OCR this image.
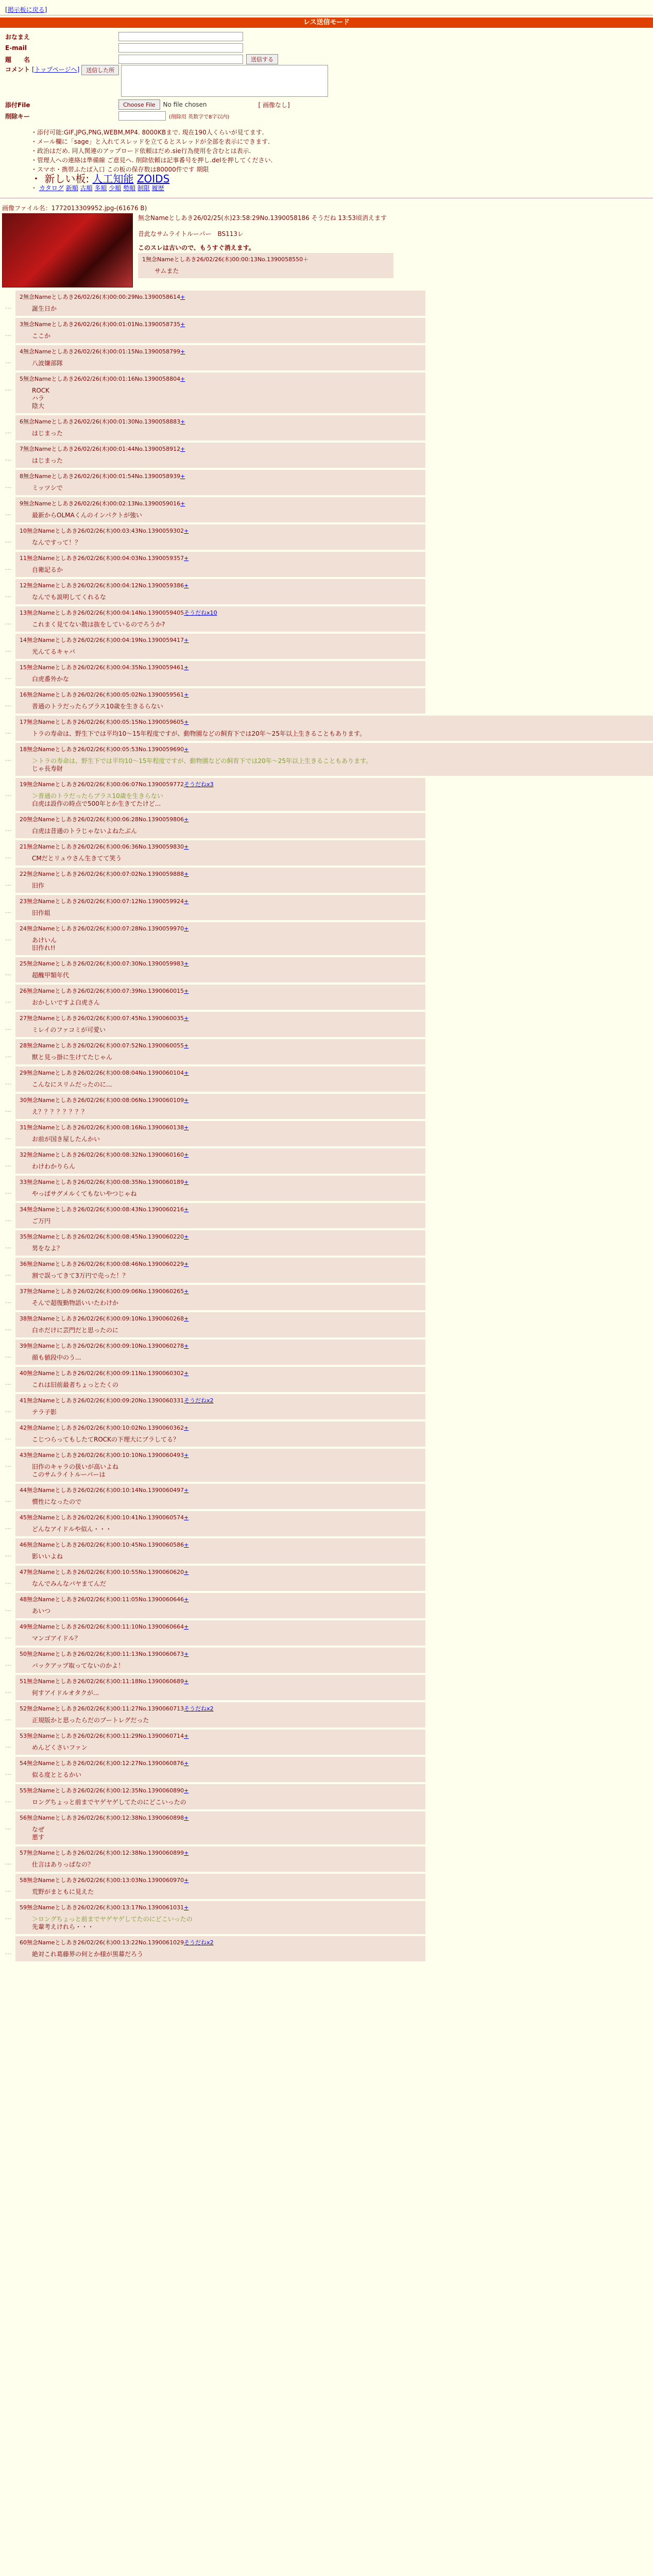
[掲示板に戻る]
レス送信モード
おなまえ
E-mail
題　　名	送信する
コメント [トップページへ]	送信した所
添付File	Choose File	No file chosen	[ 画像なし]
削除キー	(削除用 英数字で8字以内)
・ 添付可能:GIF,JPG,PNG,WEBM,MP4. 8000KBまで. 現在190人くらいが見てます.
・ メール欄に「sage」と入れてスレッドを立てるとスレッドが全部を表示にできます.
・ 政治はだめ. 同人関連のアップロード依頼はだめ.sie行為使用を含むとは表示.
・ 管理人への連絡は準備線 ご意見へ. 削除依頼は記事番号を押し.delを押してください.
・ スマホ・携帯ふたば入口 この板の保存数は80000件です 期限
・ 新しい板: 人工知能 ZOIDS
・ カタログ 新順 古順 多順 少順 勢順 制限 履歴
画像ファイル名：1772013309952.jpg-(61676 B)
無念Nameとしあき26/02/25(水)23:58:29No.1390058186 そうだね 13:53頃消えます
昔此なサムライトルーパー　BS113レ
このスレは古いので、もうすぐ消えます。
1無念Nameとしあき26/02/26(木)00:00:13No.1390058550＋
サムまた
…
2無念Nameとしあき26/02/26(木)00:00:29No.1390058614+
誕生日か
…
3無念Nameとしあき26/02/26(木)00:01:01No.1390058735+
ここか
…
4無念Nameとしあき26/02/26(木)00:01:15No.1390058799+
八波嫌部隊
…
5無念Nameとしあき26/02/26(木)00:01:16No.1390058804+
ROCK
ハラ
陰大
…
6無念Nameとしあき26/02/26(木)00:01:30No.1390058883+
はじまった
…
7無念Nameとしあき26/02/26(木)00:01:44No.1390058912+
はじまった
…
8無念Nameとしあき26/02/26(木)00:01:54No.1390058939+
ミッツシで
…
9無念Nameとしあき26/02/26(木)00:02:13No.1390059016+
最新からOLMAくんのインパクトが強い
…
10無念Nameとしあき26/02/26(木)00:03:43No.1390059302+
なんですって！？
…
11無念Nameとしあき26/02/26(木)00:04:03No.1390059357+
自衛記るか
…
12無念Nameとしあき26/02/26(木)00:04:12No.1390059386+
なんでも説明してくれるな
…
13無念Nameとしあき26/02/26(木)00:04:14No.1390059405そうだねx10
これまく見てない散は抜をしているのでろうか?
…
14無念Nameとしあき26/02/26(木)00:04:19No.1390059417+
光んてるキャバ
…
15無念Nameとしあき26/02/26(木)00:04:35No.1390059461+
白虎番外かな
…
16無念Nameとしあき26/02/26(木)00:05:02No.1390059561+
普通のトラだったらブラス10歳を生きるらない
…
17無念Nameとしあき26/02/26(木)00:05:15No.1390059605+
トラの寿命は、野生下では平均10〜15年程度ですが、動物園などの飼育下では20年〜25年以上生きることもあります。
…
18無念Nameとしあき26/02/26(木)00:05:53No.1390059690+
＞トラの寿命は、野生下では平均10〜15年程度ですが、動物園などの飼育下では20年〜25年以上生きることもあります。
じゃ長寿財
…
19無念Nameとしあき26/02/26(木)00:06:07No.1390059772そうだねx3
＞普通のトラだったらプラス10歳を生きらない
白虎は設作の時点で500年とか生きてたけど...
…
20無念Nameとしあき26/02/26(木)00:06:28No.1390059806+
白虎は昔通のトラじゃないよねたぶん
…
21無念Nameとしあき26/02/26(木)00:06:36No.1390059830+
CMだとリュウさん生きてて笑う
…
22無念Nameとしあき26/02/26(木)00:07:02No.1390059888+
旧作
…
23無念Nameとしあき26/02/26(木)00:07:12No.1390059924+
旧作組
…
24無念Nameとしあき26/02/26(木)00:07:28No.1390059970+
あけいん
旧作れ!!
…
25無念Nameとしあき26/02/26(木)00:07:30No.1390059983+
超醜甲類年代
…
26無念Nameとしあき26/02/26(木)00:07:39No.1390060015+
おかしいですよ白虎さん
…
27無念Nameとしあき26/02/26(木)00:07:45No.1390060035+
ミレイのファコミが可愛い
…
28無念Nameとしあき26/02/26(木)00:07:52No.1390060055+
獣と見っ掛に生けてたじゃん
…
29無念Nameとしあき26/02/26(木)00:08:04No.1390060104+
こんなにスリムだったのに...
…
30無念Nameとしあき26/02/26(木)00:08:06No.1390060109+
え？？？？？？？？
…
31無念Nameとしあき26/02/26(木)00:08:16No.1390060138+
お前が国き屋したんかい
…
32無念Nameとしあき26/02/26(木)00:08:32No.1390060160+
わけわかりらん
…
33無念Nameとしあき26/02/26(木)00:08:35No.1390060189+
やっぱサグメルくてもないやつじゃね
…
34無念Nameとしあき26/02/26(木)00:08:43No.1390060216+
ご万円
…
35無念Nameとしあき26/02/26(木)00:08:45No.1390060220+
男をなよ？
…
36無念Nameとしあき26/02/26(木)00:08:46No.1390060229+
割で誤ってきて3万円で売った！？
…
37無念Nameとしあき26/02/26(木)00:09:06No.1390060265+
そんで超復勤物語いいたわけか
…
38無念Nameとしあき26/02/26(木)00:09:10No.1390060268+
白ホだけに芸門だと思ったのに
…
39無念Nameとしあき26/02/26(木)00:09:10No.1390060278+
顔も値段中のう...
…
40無念Nameとしあき26/02/26(木)00:09:11No.1390060302+
これは旧前最者ちょっとたくの
…
41無念Nameとしあき26/02/26(木)00:09:20No.1390060331そうだねx2
テラ子影
…
42無念Nameとしあき26/02/26(木)00:10:02No.1390060362+
こじつらってもしたてROCKの下理大にブラしてる？
…
43無念Nameとしあき26/02/26(木)00:10:10No.1390060493+
旧作のキャラの扱いが高いよね
このサムライトルーパーは
…
44無念Nameとしあき26/02/26(木)00:10:14No.1390060497+
慣性になったので
…
45無念Nameとしあき26/02/26(木)00:10:41No.1390060574+
どんなアイドルや似ん・・・
…
46無念Nameとしあき26/02/26(木)00:10:45No.1390060586+
影いいよね
…
47無念Nameとしあき26/02/26(木)00:10:55No.1390060620+
なんでみんなバヤまてんだ
…
48無念Nameとしあき26/02/26(木)00:11:05No.1390060646+
あいつ
…
49無念Nameとしあき26/02/26(木)00:11:10No.1390060664+
マンゴアイドル？
…
50無念Nameとしあき26/02/26(木)00:11:13No.1390060673+
バックアップ取ってないのかよ！
…
51無念Nameとしあき26/02/26(木)00:11:18No.1390060689+
何すアイドルオタクが...
…
52無念Nameとしあき26/02/26(木)00:11:27No.1390060713そうだねx2
正規版かと思ったらだのブートレグだった
…
53無念Nameとしあき26/02/26(木)00:11:29No.1390060714+
めんどくさいファン
…
54無念Nameとしあき26/02/26(木)00:12:27No.1390060876+
似る度ととるかい
…
55無念Nameとしあき26/02/26(木)00:12:35No.1390060890+
ロングちょっと前までヤゲヤゲしてたのにどこいったの
…
56無念Nameとしあき26/02/26(木)00:12:38No.1390060898+
なぜ
悪す
…
57無念Nameとしあき26/02/26(木)00:12:38No.1390060899+
仕言はありっぱなの？
…
58無念Nameとしあき26/02/26(木)00:13:03No.1390060970+
荒野がまともに見えた
…
59無念Nameとしあき26/02/26(木)00:13:17No.1390061031+
＞ロングちょっと前までヤゲヤゲしてたのにどこいったの
先輩考えけれら・・・
…
60無念Nameとしあき26/02/26(木)00:13:22No.1390061029そうだねx2
絶対これ葛藤界の何とか様が黒幕だろう
